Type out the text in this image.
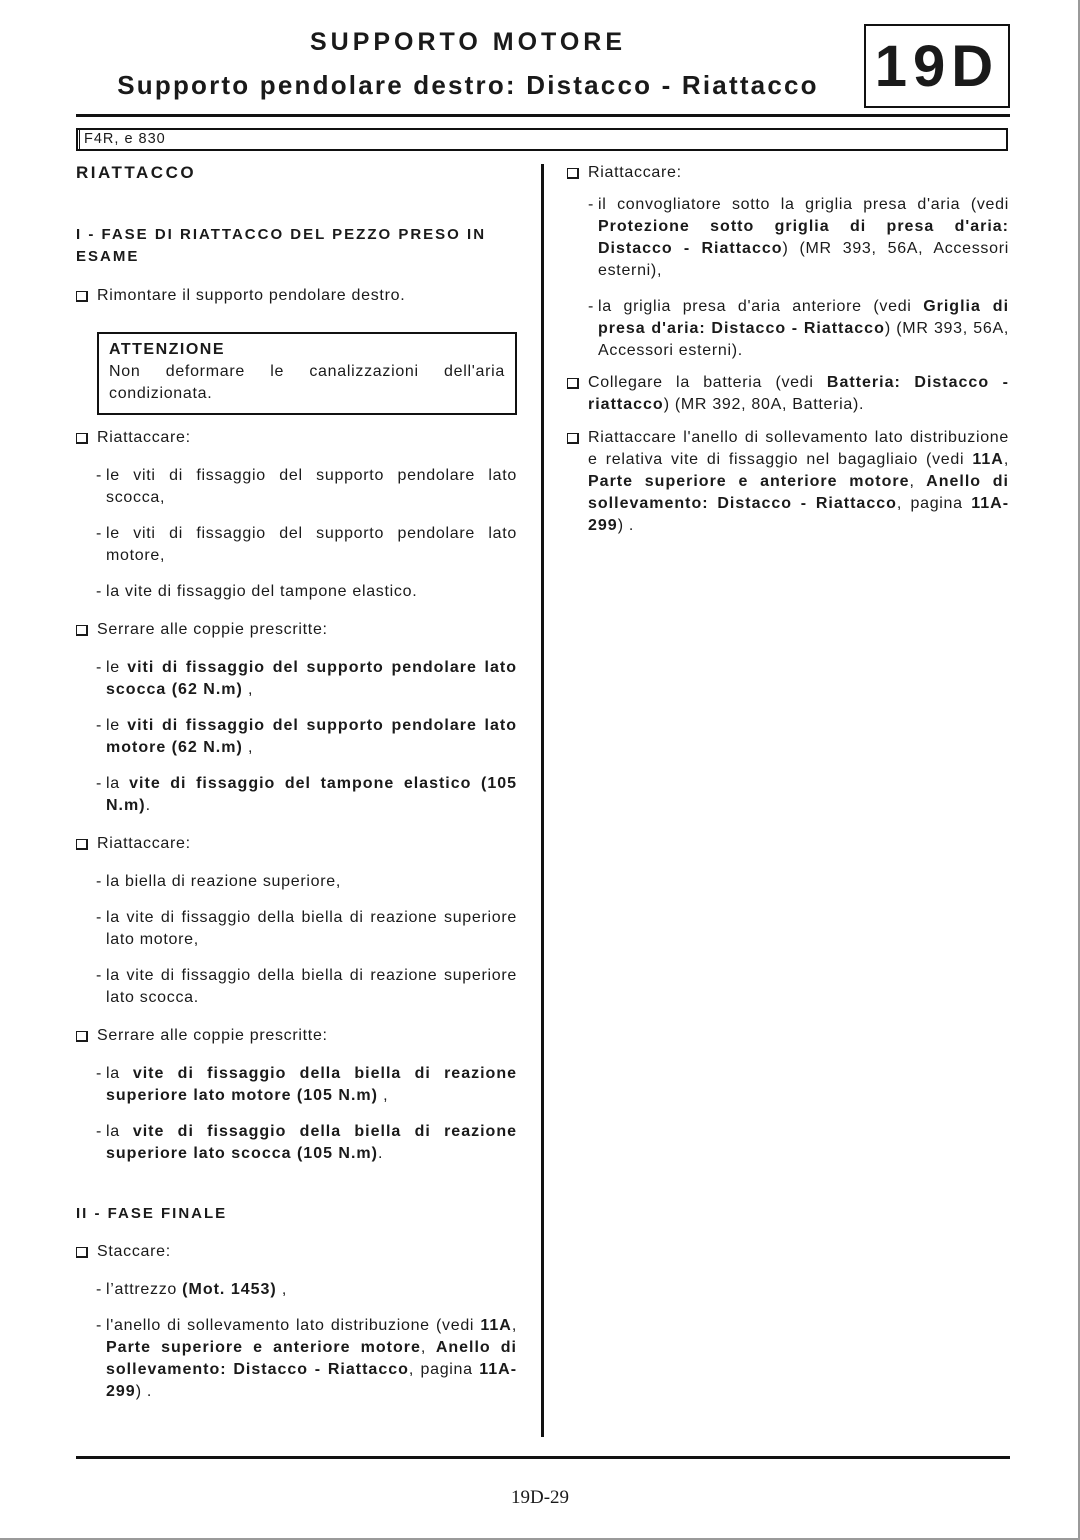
SUPPORTO MOTORE
Supporto pendolare destro: Distacco - Riattacco 19D
F4R, e 830

RIATTACCO

I - FASE DI RIATTACCO DEL PEZZO PRESO IN ESAME

Rimontare il supporto pendolare destro.

ATTENZIONE

Non deformare le canalizzazioni dell'aria condizionata.

Riattaccare:

- le viti di fissaggio del supporto pendolare lato scocca,

- le viti di fissaggio del supporto pendolare lato motore,

- la vite di fissaggio del tampone elastico.

Serrare alle coppie prescritte:

- le viti di fissaggio del supporto pendolare lato scocca (62 N.m) ,

- le viti di fissaggio del supporto pendolare lato motore (62 N.m) ,

- la vite di fissaggio del tampone elastico (105 N.m).

Riattaccare:

- la biella di reazione superiore,

- la vite di fissaggio della biella di reazione superiore lato motore,

- la vite di fissaggio della biella di reazione superiore lato scocca.

Serrare alle coppie prescritte:

- la vite di fissaggio della biella di reazione superiore lato motore (105 N.m) ,

- la vite di fissaggio della biella di reazione superiore lato scocca (105 N.m).

II - FASE FINALE

Staccare:

- l’attrezzo (Mot. 1453) ,

- l'anello di sollevamento lato distribuzione (vedi 11A, Parte superiore e anteriore motore, Anello di sollevamento: Distacco - Riattacco, pagina 11A-299) .

Riattaccare:

- il convogliatore sotto la griglia presa d'aria (vedi Protezione sotto griglia di presa d'aria: Distacco - Riattacco) (MR 393, 56A, Accessori esterni),

- la griglia presa d'aria anteriore (vedi Griglia di presa d'aria: Distacco - Riattacco) (MR 393, 56A, Accessori esterni).

Collegare la batteria (vedi Batteria: Distacco - riattacco) (MR 392, 80A, Batteria).

Riattaccare l'anello di sollevamento lato distribuzione e relativa vite di fissaggio nel bagagliaio (vedi 11A, Parte superiore e anteriore motore, Anello di sollevamento: Distacco - Riattacco, pagina 11A-299) .

19D-29
